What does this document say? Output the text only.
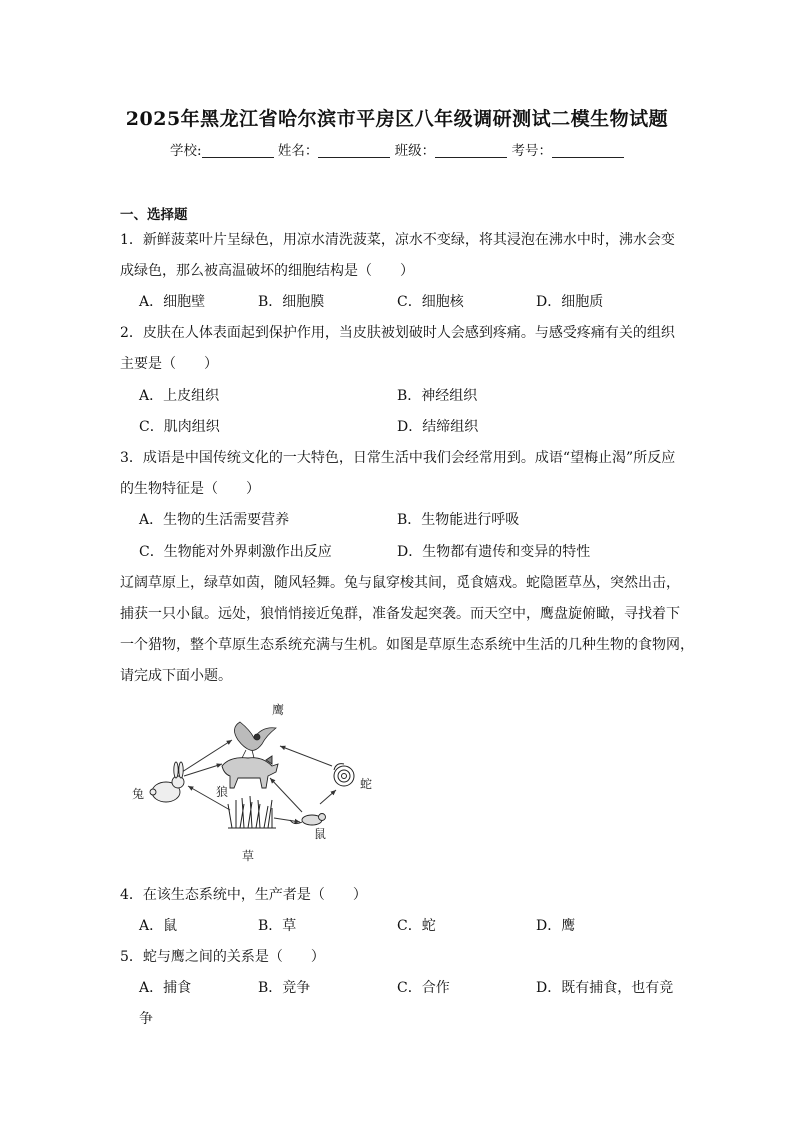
2025年黑龙江省哈尔滨市平房区八年级调研测试二模生物试题
学校:	姓名：	班级：	考号：
一、选择题
1．新鲜菠菜叶片呈绿色，用凉水清洗菠菜，凉水不变绿，将其浸泡在沸水中时，沸水会变
成绿色，那么被高温破坏的细胞结构是（　　）
A．细胞壁	B．细胞膜	C．细胞核	D．细胞质
2．皮肤在人体表面起到保护作用，当皮肤被划破时人会感到疼痛。与感受疼痛有关的组织
主要是（　　）
A．上皮组织	B．神经组织
C．肌肉组织	D．结缔组织
3．成语是中国传统文化的一大特色，日常生活中我们会经常用到。成语“望梅止渴”所反应
的生物特征是（　　）
A．生物的生活需要营养	B．生物能进行呼吸
C．生物能对外界刺激作出反应	D．生物都有遗传和变异的特性
辽阔草原上，绿草如茵，随风轻舞。兔与鼠穿梭其间，觅食嬉戏。蛇隐匿草丛，突然出击，
捕获一只小鼠。远处，狼悄悄接近兔群，准备发起突袭。而天空中，鹰盘旋俯瞰，寻找着下
一个猎物，整个草原生态系统充满与生机。如图是草原生态系统中生活的几种生物的食物网，
请完成下面小题。
鹰
兔	狼
蛇
鼠
草
4．在该生态系统中，生产者是（　　）
A．鼠	B．草	C．蛇	D．鹰
5．蛇与鹰之间的关系是（　　）
A．捕食	B．竞争	C．合作	D．既有捕食，也有竞
争
